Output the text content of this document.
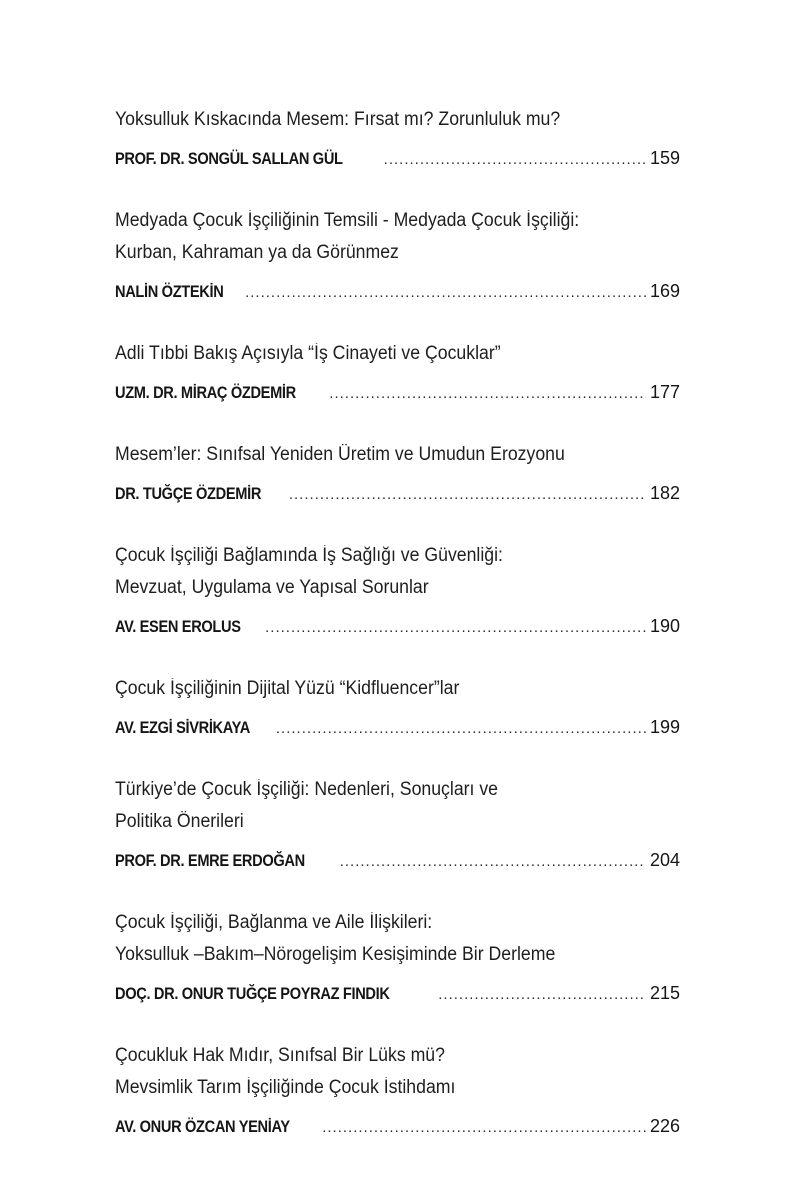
Yoksulluk Kıskacında Mesem: Fırsat mı? Zorunluluk mu?
PROF. DR. SONGÜL SALLAN GÜL .....	159
Medyada Çocuk İşçiliğinin Temsili - Medyada Çocuk İşçiliği:
Kurban, Kahraman ya da Görünmez
NALİN ÖZTEKİN .....	169
Adli Tıbbi Bakış Açısıyla “İş Cinayeti ve Çocuklar”
UZM. DR. MİRAÇ ÖZDEMİR .....	177
Mesem’ler: Sınıfsal Yeniden Üretim ve Umudun Erozyonu
DR. TUĞÇE ÖZDEMİR .....	182
Çocuk İşçiliği Bağlamında İş Sağlığı ve Güvenliği:
Mevzuat, Uygulama ve Yapısal Sorunlar
AV. ESEN EROLUS .....	190
Çocuk İşçiliğinin Dijital Yüzü “Kidfluencer”lar
AV. EZGİ SİVRİKAYA .....	199
Türkiye’de Çocuk İşçiliği: Nedenleri, Sonuçları ve
Politika Önerileri
PROF. DR. EMRE ERDOĞAN .....	204
Çocuk İşçiliği, Bağlanma ve Aile İlişkileri:
Yoksulluk –Bakım–Nörogelişim Kesişiminde Bir Derleme
DOÇ. DR. ONUR TUĞÇE POYRAZ FINDIK .....	215
Çocukluk Hak Mıdır, Sınıfsal Bir Lüks mü?
Mevsimlik Tarım İşçiliğinde Çocuk İstihdamı
AV. ONUR ÖZCAN YENİAY .....	226
